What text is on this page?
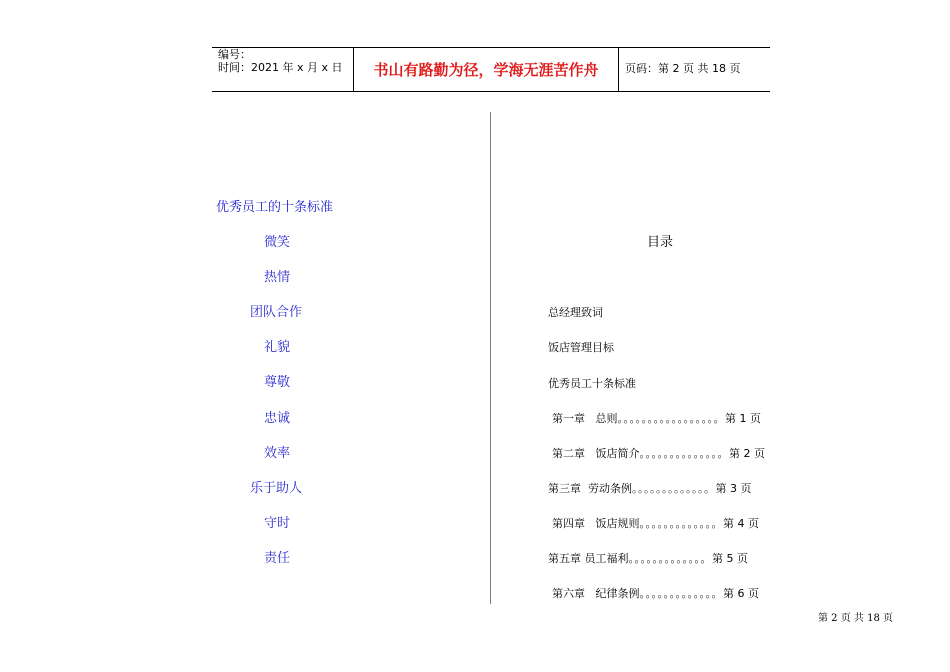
编号：
时间：2021 年 x 月 x 日	书山有路勤为径，学海无涯苦作舟	页码：第 2 页 共 18 页
优秀员工的十条标准
微笑
热情
团队合作
礼貌
尊敬
忠诚
效率
乐于助人
守时
责任
目录
总经理致词
饭店管理目标
优秀员工十条标准
第一章 总则。。。。。。。。。。。。。。。。。第 1 页
第二章 饭店简介。。。。。。。。。。。。。。第 2 页
第三章 劳动条例。。。。。。。。。。。。。第 3 页
第四章 饭店规则。。。。。。。。。。。。。第 4 页
第五章 员工福利。。。。。。。。。。。。。第 5 页
第六章 纪律条例。。。。。。。。。。。。。第 6 页
第 2 页 共 18 页
